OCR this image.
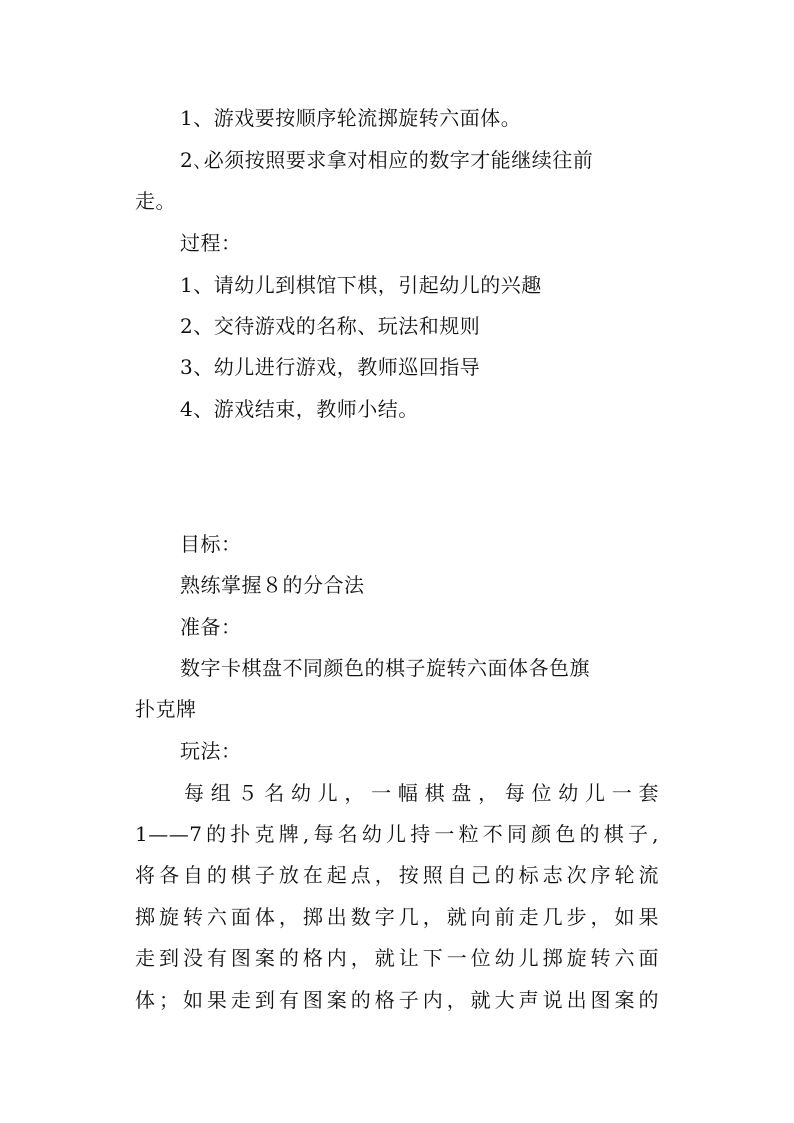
1、游戏要按顺序轮流掷旋转六面体。
2､必须按照要求拿对相应的数字才能继续往前
走。
过程：
1、请幼儿到棋馆下棋，引起幼儿的兴趣
2、交待游戏的名称、玩法和规则
3、幼儿进行游戏，教师巡回指导
4、游戏结束，教师小结。
目标：
熟练掌握８的分合法
准备：
数字卡棋盘不同颜色的棋子旋转六面体各色旗
扑克牌
玩法：
每组５名幼儿，一幅棋盘，每位幼儿一套
1——7的扑克牌,每名幼儿持一粒不同颜色的棋子,
将各自的棋子放在起点，按照自己的标志次序轮流
掷旋转六面体，掷出数字几，就向前走几步，如果
走到没有图案的格内，就让下一位幼儿掷旋转六面
体；如果走到有图案的格子内，就大声说出图案的
